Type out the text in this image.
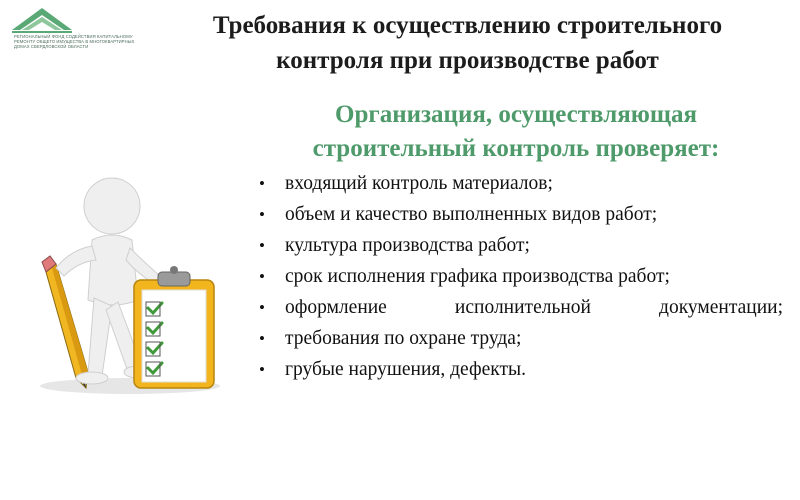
РЕГИОНАЛЬНЫЙ ФОНД СОДЕЙСТВИЯ КАПИТАЛЬНОМУ
РЕМОНТУ ОБЩЕГО ИМУЩЕСТВА В МНОГОКВАРТИРНЫХ
ДОМАХ СВЕРДЛОВСКОЙ ОБЛАСТИ
Требования к осуществлению строительного
контроля при производстве работ
Организация, осуществляющая
строительный контроль проверяет:
• входящий контроль материалов;
• объем и качество выполненных видов работ;
• культура производства работ;
• срок исполнения графика производства работ;
• оформление исполнительной документации;
• требования по охране труда;
• грубые нарушения, дефекты.
